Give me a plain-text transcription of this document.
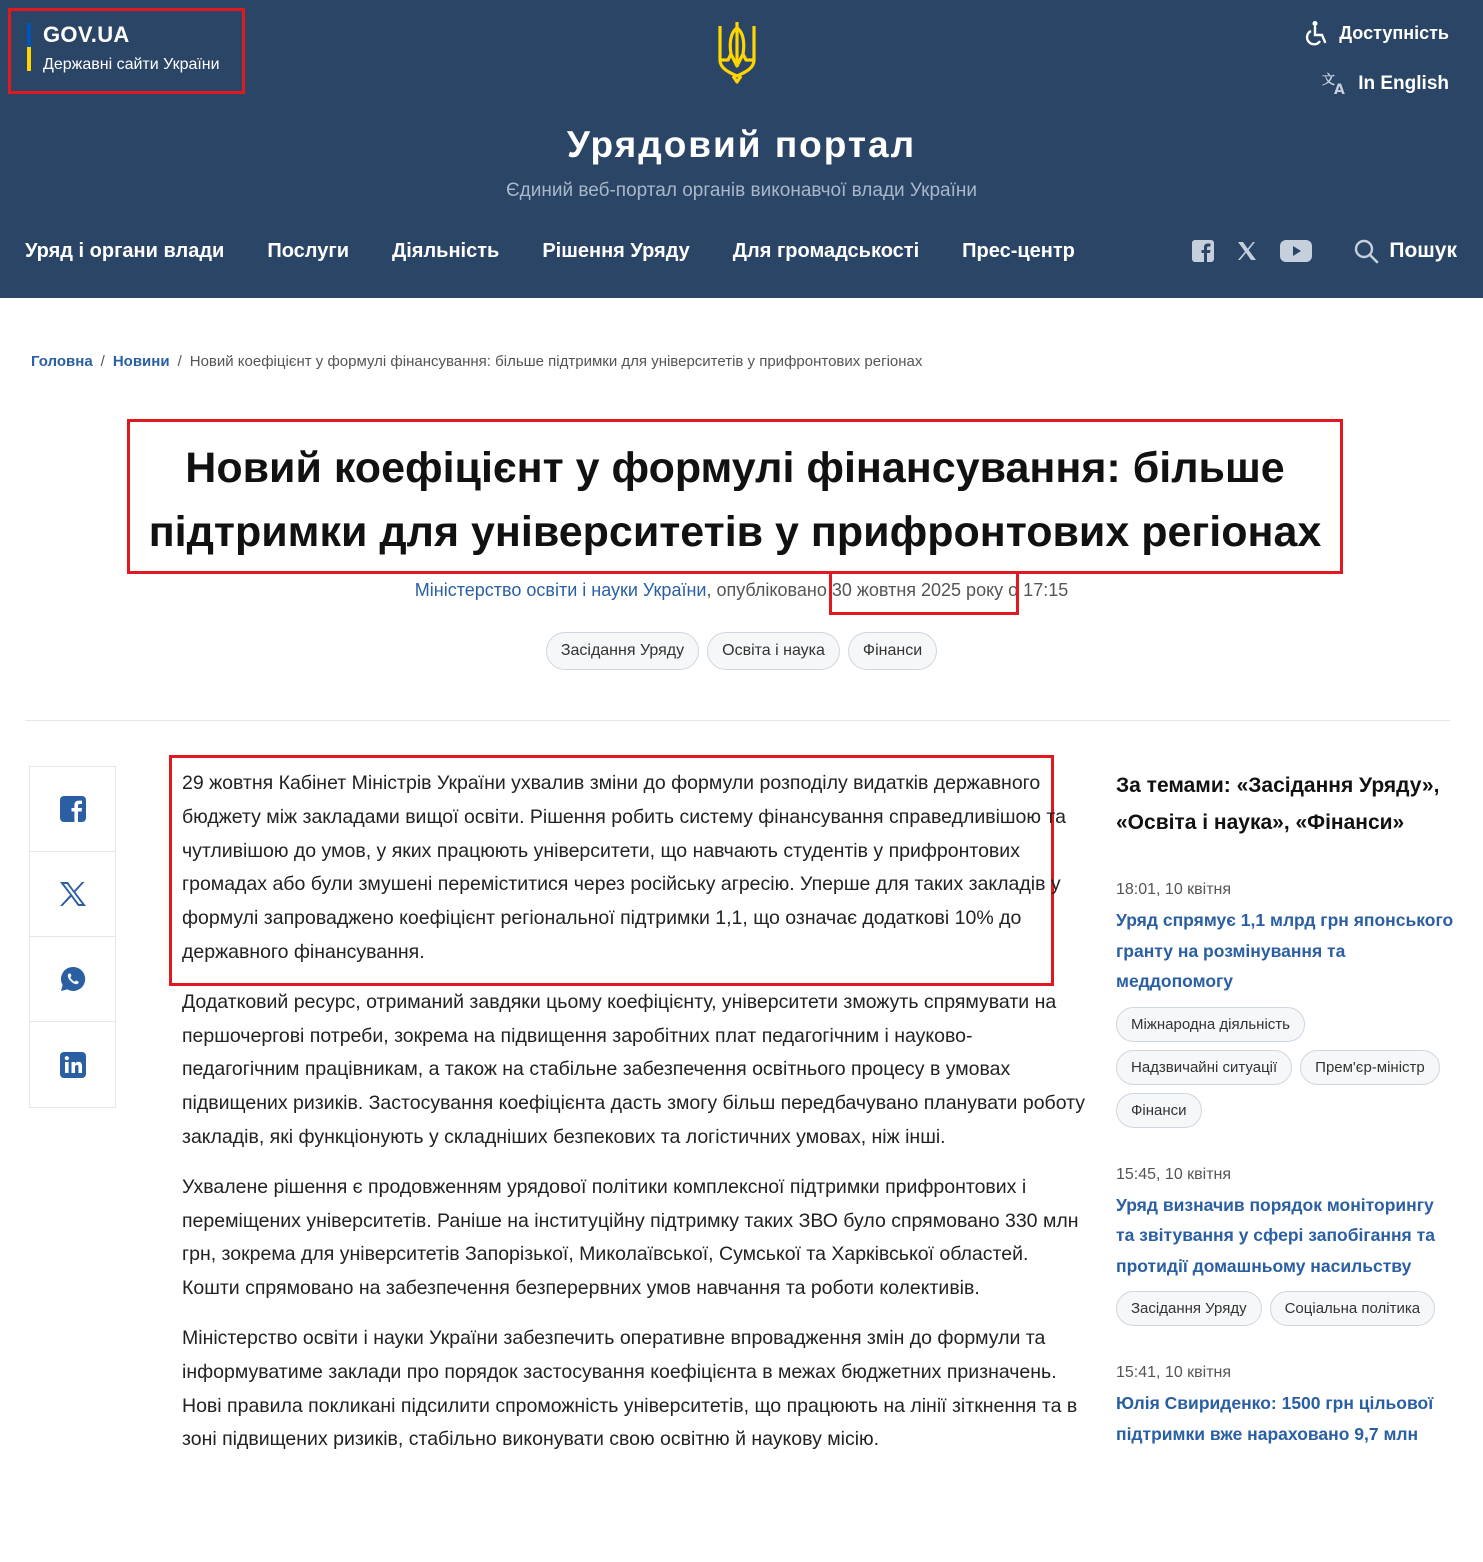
GOV.UA
Державні сайти України
Доступність
文
A In English
Урядовий портал
Єдиний веб-портал органів виконавчої влади України
Уряд і органи влади Послуги Діяльність Рішення Уряду Для громадськості Прес-центр	Пошук
Головна / Новини / Новий коефіцієнт у формулі фінансування: більше підтримки для університетів у прифронтових регіонах
Новий коефіцієнт у формулі фінансування: більше
підтримки для університетів у прифронтових регіонах
Міністерство освіти і науки України, опубліковано 30 жовтня 2025 року о 17:15
Засідання Уряду	Освіта і наука	Фінанси

29 жовтня Кабінет Міністрів України ухвалив зміни до формули розподілу видатків державного бюджету між закладами вищої освіти. Рішення робить систему фінансування справедливішою та чутливішою до умов, у яких працюють університети, що навчають студентів у прифронтових громадах або були змушені переміститися через російську агресію. Уперше для таких закладів у формулі запроваджено коефіцієнт регіональної підтримки 1,1, що означає додаткові 10% до державного фінансування.

Додатковий ресурс, отриманий завдяки цьому коефіцієнту, університети зможуть спрямувати на першочергові потреби, зокрема на підвищення заробітних плат педагогічним і науково-педагогічним працівникам, а також на стабільне забезпечення освітнього процесу в умовах підвищених ризиків. Застосування коефіцієнта дасть змогу більш передбачувано планувати роботу закладів, які функціонують у складніших безпекових та логістичних умовах, ніж інші.

Ухвалене рішення є продовженням урядової політики комплексної підтримки прифронтових і переміщених університетів. Раніше на інституційну підтримку таких ЗВО було спрямовано 330 млн грн, зокрема для університетів Запорізької, Миколаївської, Сумської та Харківської областей. Кошти спрямовано на забезпечення безперервних умов навчання та роботи колективів.

Міністерство освіти і науки України забезпечить оперативне впровадження змін до формули та інформуватиме заклади про порядок застосування коефіцієнта в межах бюджетних призначень. Нові правила покликані підсилити спроможність університетів, що працюють на лінії зіткнення та в зоні підвищених ризиків, стабільно виконувати свою освітню й наукову місію.

За темами: «Засідання Уряду», «Освіта і наука», «Фінанси»
18:01, 10 квітня
Уряд спрямує 1,1 млрд грн японського гранту на розмінування та меддопомогу
Міжнародна діяльність
Надзвичайні ситуації	Прем'єр-міністр
Фінанси
15:45, 10 квітня
Уряд визначив порядок моніторингу та звітування у сфері запобігання та протидії домашньому насильству
Засідання Уряду	Соціальна політика
15:41, 10 квітня
Юлія Свириденко: 1500 грн цільової підтримки вже нараховано 9,7 млн
